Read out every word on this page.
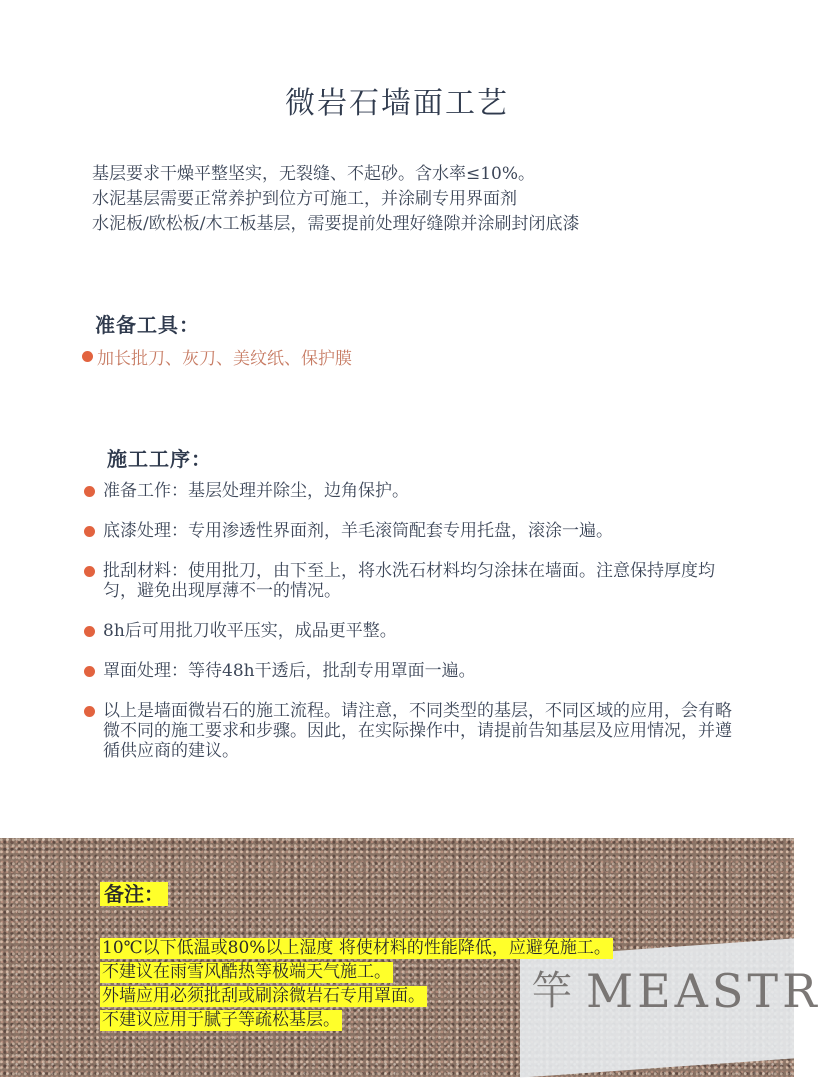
微岩石墙面工艺
基层要求干燥平整坚实，无裂缝、不起砂。含水率≤10%。
水泥基层需要正常养护到位方可施工，并涂刷专用界面剂
水泥板/欧松板/木工板基层，需要提前处理好缝隙并涂刷封闭底漆
准备工具：
加长批刀、灰刀、美纹纸、保护膜
施工工序：
准备工作：基层处理并除尘，边角保护。
底漆处理：专用渗透性界面剂，羊毛滚筒配套专用托盘，滚涂一遍。
批刮材料：使用批刀，由下至上，将水洗石材料均匀涂抹在墙面。注意保持厚度均匀，避免出现厚薄不一的情况。
8h后可用批刀收平压实，成品更平整。
罩面处理：等待48h干透后，批刮专用罩面一遍。
以上是墙面微岩石的施工流程。请注意，不同类型的基层，不同区域的应用，会有略微不同的施工要求和步骤。因此，在实际操作中，请提前告知基层及应用情况，并遵循供应商的建议。
竿 MEASTR
备注：
10℃以下低温或80%以上湿度 将使材料的性能降低，应避免施工。
不建议在雨雪风酷热等极端天气施工。
外墙应用必须批刮或刷涂微岩石专用罩面。
不建议应用于腻子等疏松基层。
